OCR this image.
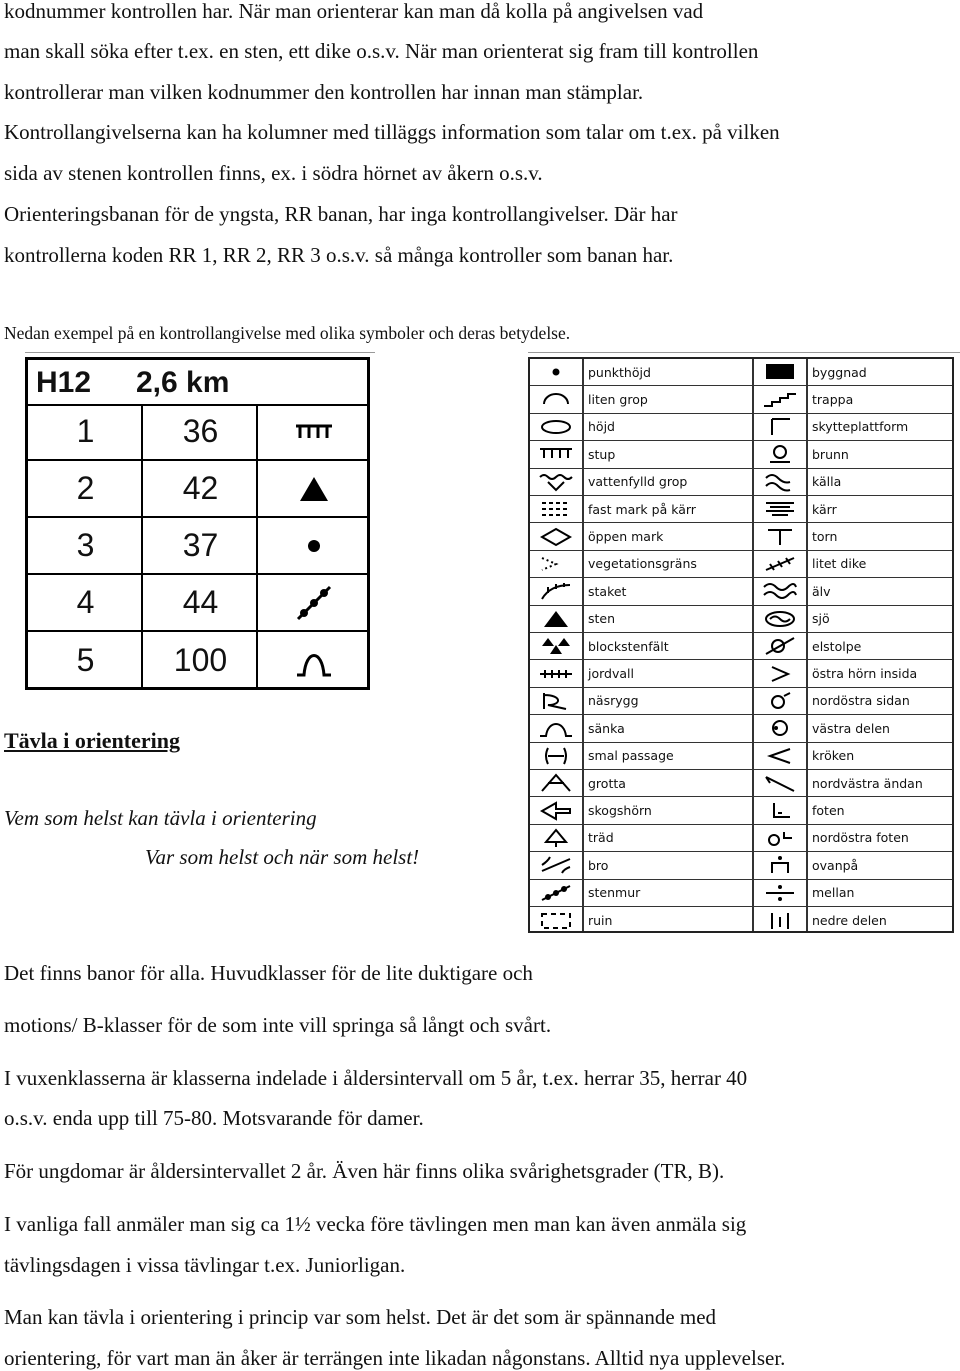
kodnummer kontrollen har. När man orienterar kan man då kolla på angivelsen vad
man skall söka efter t.ex. en sten, ett dike o.s.v. När man orienterat sig fram till kontrollen
kontrollerar man vilken kodnummer den kontrollen har innan man stämplar.
Kontrollangivelserna kan ha kolumner med tilläggs information som talar om t.ex. på vilken
sida av stenen kontrollen finns, ex. i södra hörnet av åkern o.s.v.
Orienteringsbanan för de yngsta, RR banan, har inga kontrollangivelser. Där har
kontrollerna koden RR 1, RR 2, RR 3 o.s.v. så många kontroller som banan har.
Nedan exempel på en kontrollangivelse med olika symboler och deras betydelse.
H12 2,6 km
1	36
2	42
3	37
4	44
5	100
punkthöjd	byggnad
liten grop	trappa
höjd	skytteplattform
stup	brunn
vattenfylld grop	källa
fast mark på kärr	kärr
öppen mark	torn
vegetationsgräns	litet dike
staket	älv
sten	sjö
blockstenfält	elstolpe
jordvall	östra hörn insida
näsrygg	nordöstra sidan
sänka	västra delen
smal passage	kröken
grotta	nordvästra ändan
skogshörn	foten
träd	nordöstra foten
bro	ovanpå
stenmur	mellan
ruin	nedre delen
Tävla i orientering
Vem som helst kan tävla i orientering
Var som helst och när som helst!
Det finns banor för alla. Huvudklasser för de lite duktigare och
motions/ B-klasser för de som inte vill springa så långt och svårt.
I vuxenklasserna är klasserna indelade i åldersintervall om 5 år, t.ex. herrar 35, herrar 40
o.s.v. enda upp till 75-80. Motsvarande för damer.
För ungdomar är åldersintervallet 2 år. Även här finns olika svårighetsgrader (TR, B).
I vanliga fall anmäler man sig ca 1½ vecka före tävlingen men man kan även anmäla sig
tävlingsdagen i vissa tävlingar t.ex. Juniorligan.
Man kan tävla i orientering i princip var som helst. Det är det som är spännande med
orientering, för vart man än åker är terrängen inte likadan någonstans. Alltid nya upplevelser.
